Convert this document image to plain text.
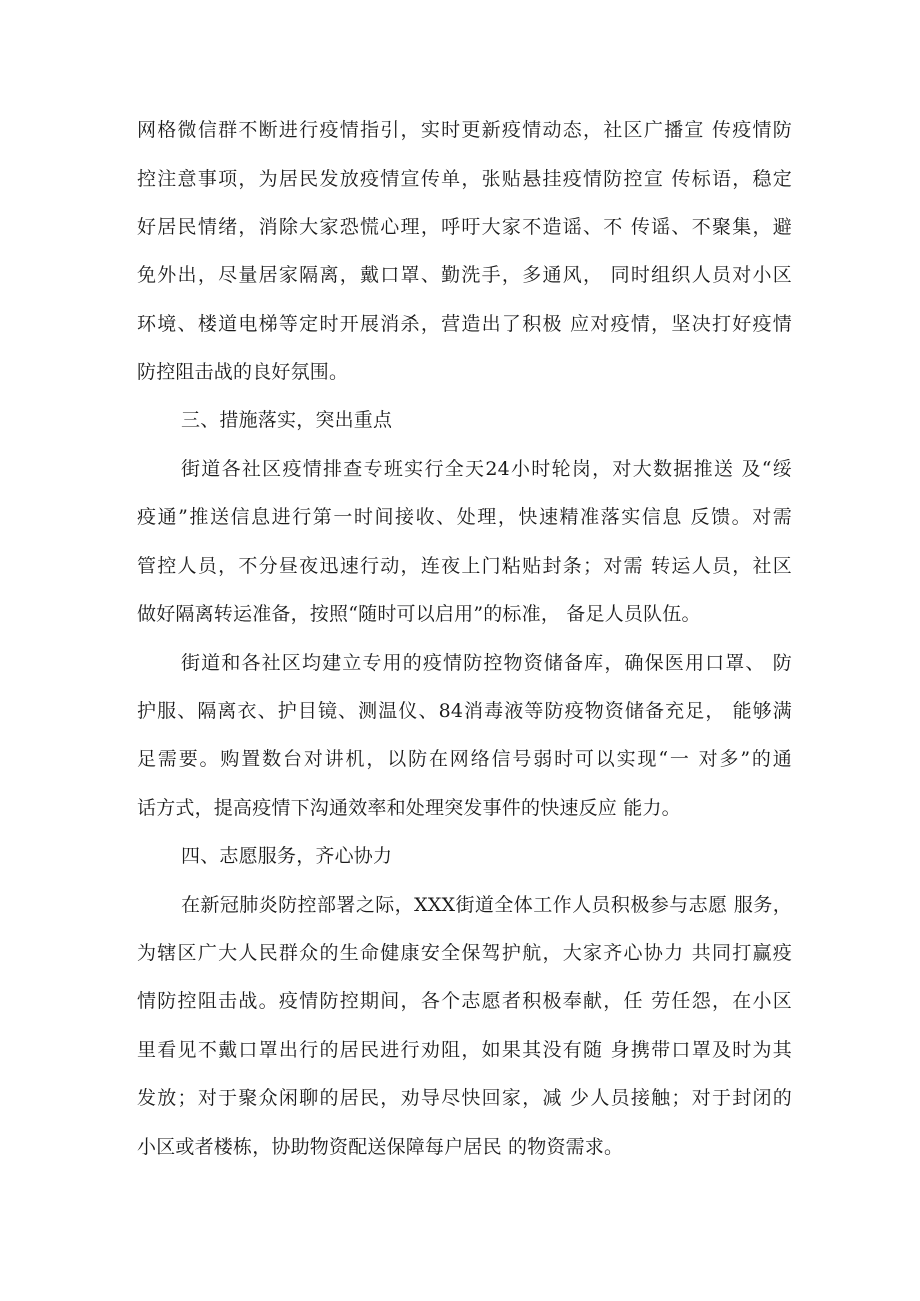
网格微信群不断进行疫情指引，实时更新疫情动态，社区广播宣 传疫情防
控注意事项，为居民发放疫情宣传单，张贴悬挂疫情防控宣 传标语，稳定
好居民情绪，消除大家恐慌心理，呼吁大家不造谣、不 传谣、不聚集，避
免外出，尽量居家隔离，戴口罩、勤洗手，多通风， 同时组织人员对小区
环境、楼道电梯等定时开展消杀，营造出了积极 应对疫情，坚决打好疫情
防控阻击战的良好氛围。
三、措施落实，突出重点
街道各社区疫情排查专班实行全天24小时轮岗，对大数据推送 及“绥
疫通”推送信息进行第一时间接收、处理，快速精准落实信息 反馈。对需
管控人员，不分昼夜迅速行动，连夜上门粘贴封条；对需 转运人员，社区
做好隔离转运准备，按照“随时可以启用”的标准， 备足人员队伍。
街道和各社区均建立专用的疫情防控物资储备库，确保医用口罩、 防
护服、隔离衣、护目镜、测温仪、84消毒液等防疫物资储备充足， 能够满
足需要。购置数台对讲机，以防在网络信号弱时可以实现“一 对多”的通
话方式，提高疫情下沟通效率和处理突发事件的快速反应 能力。
四、志愿服务，齐心协力
在新冠肺炎防控部署之际，XXX街道全体工作人员积极参与志愿 服务，
为辖区广大人民群众的生命健康安全保驾护航，大家齐心协力 共同打赢疫
情防控阻击战。疫情防控期间，各个志愿者积极奉献，任 劳任怨，在小区
里看见不戴口罩出行的居民进行劝阻，如果其没有随 身携带口罩及时为其
发放；对于聚众闲聊的居民，劝导尽快回家，减 少人员接触；对于封闭的
小区或者楼栋，协助物资配送保障每户居民 的物资需求。
